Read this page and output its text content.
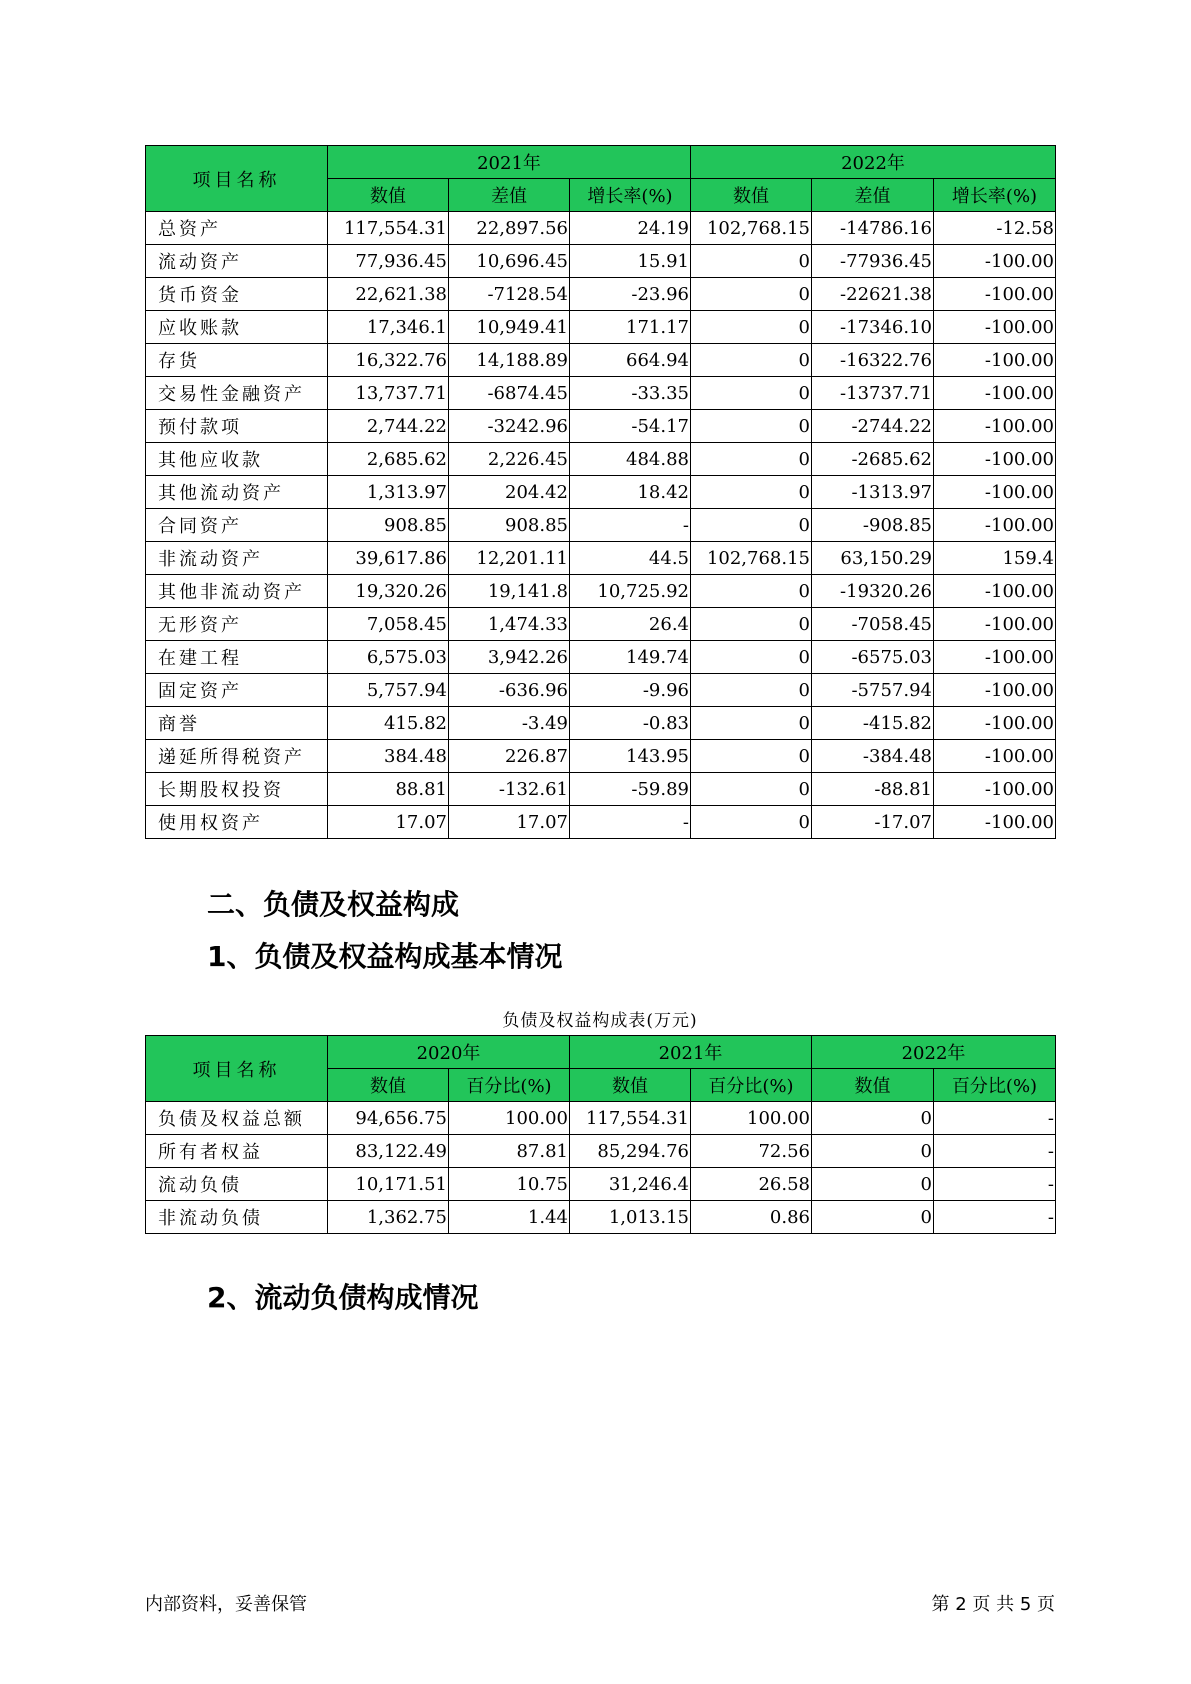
项目名称	2021年			2022年		
	数值	差值	增长率(%)	数值	差值	增长率(%)
总资产	117,554.31	22,897.56	24.19	102,768.15	-14786.16	-12.58
流动资产	77,936.45	10,696.45	15.91	0	-77936.45	-100.00
货币资金	22,621.38	-7128.54	-23.96	0	-22621.38	-100.00
应收账款	17,346.1	10,949.41	171.17	0	-17346.10	-100.00
存货	16,322.76	14,188.89	664.94	0	-16322.76	-100.00
交易性金融资产	13,737.71	-6874.45	-33.35	0	-13737.71	-100.00
预付款项	2,744.22	-3242.96	-54.17	0	-2744.22	-100.00
其他应收款	2,685.62	2,226.45	484.88	0	-2685.62	-100.00
其他流动资产	1,313.97	204.42	18.42	0	-1313.97	-100.00
合同资产	908.85	908.85	-	0	-908.85	-100.00
非流动资产	39,617.86	12,201.11	44.5	102,768.15	63,150.29	159.4
其他非流动资产	19,320.26	19,141.8	10,725.92	0	-19320.26	-100.00
无形资产	7,058.45	1,474.33	26.4	0	-7058.45	-100.00
在建工程	6,575.03	3,942.26	149.74	0	-6575.03	-100.00
固定资产	5,757.94	-636.96	-9.96	0	-5757.94	-100.00
商誉	415.82	-3.49	-0.83	0	-415.82	-100.00
递延所得税资产	384.48	226.87	143.95	0	-384.48	-100.00
长期股权投资	88.81	-132.61	-59.89	0	-88.81	-100.00
使用权资产	17.07	17.07	-	0	-17.07	-100.00
二、负债及权益构成
1、负债及权益构成基本情况
负债及权益构成表(万元)
项目名称	2020年		2021年		2022年	
	数值	百分比(%)	数值	百分比(%)	数值	百分比(%)
负债及权益总额	94,656.75	100.00	117,554.31	100.00	0	-
所有者权益	83,122.49	87.81	85,294.76	72.56	0	-
流动负债	10,171.51	10.75	31,246.4	26.58	0	-
非流动负债	1,362.75	1.44	1,013.15	0.86	0	-
2、流动负债构成情况
内部资料，妥善保管	第 2 页 共 5 页
